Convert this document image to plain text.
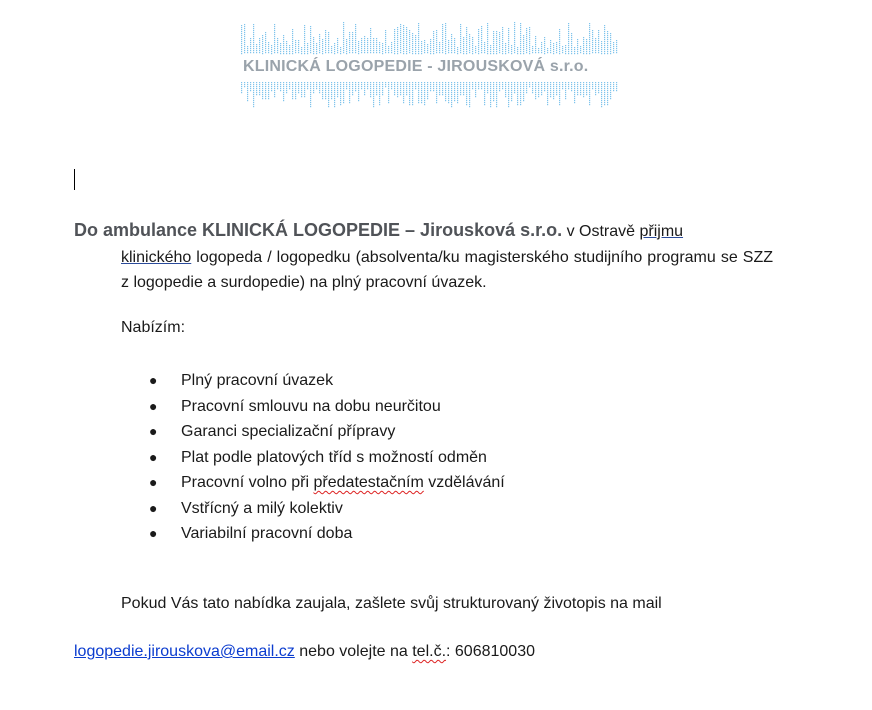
KLINICKÁ LOGOPEDIE - JIROUSKOVÁ s.r.o.
Do ambulance KLINICKÁ LOGOPEDIE – Jirousková s.r.o. v Ostravě přijmu
klinického logopeda / logopedku (absolventa/ku magisterského studijního programu se SZZ z logopedie a surdopedie) na plný pracovní úvazek.
Nabízím:
● Plný pracovní úvazek
● Pracovní smlouvu na dobu neurčitou
● Garanci specializační přípravy
● Plat podle platových tříd s možností odměn
● Pracovní volno při předatestačním vzdělávání
● Vstřícný a milý kolektiv
● Variabilní pracovní doba
Pokud Vás tato nabídka zaujala, zašlete svůj strukturovaný životopis na mail
logopedie.jirouskova@email.cz nebo volejte na tel.č.: 606810030
